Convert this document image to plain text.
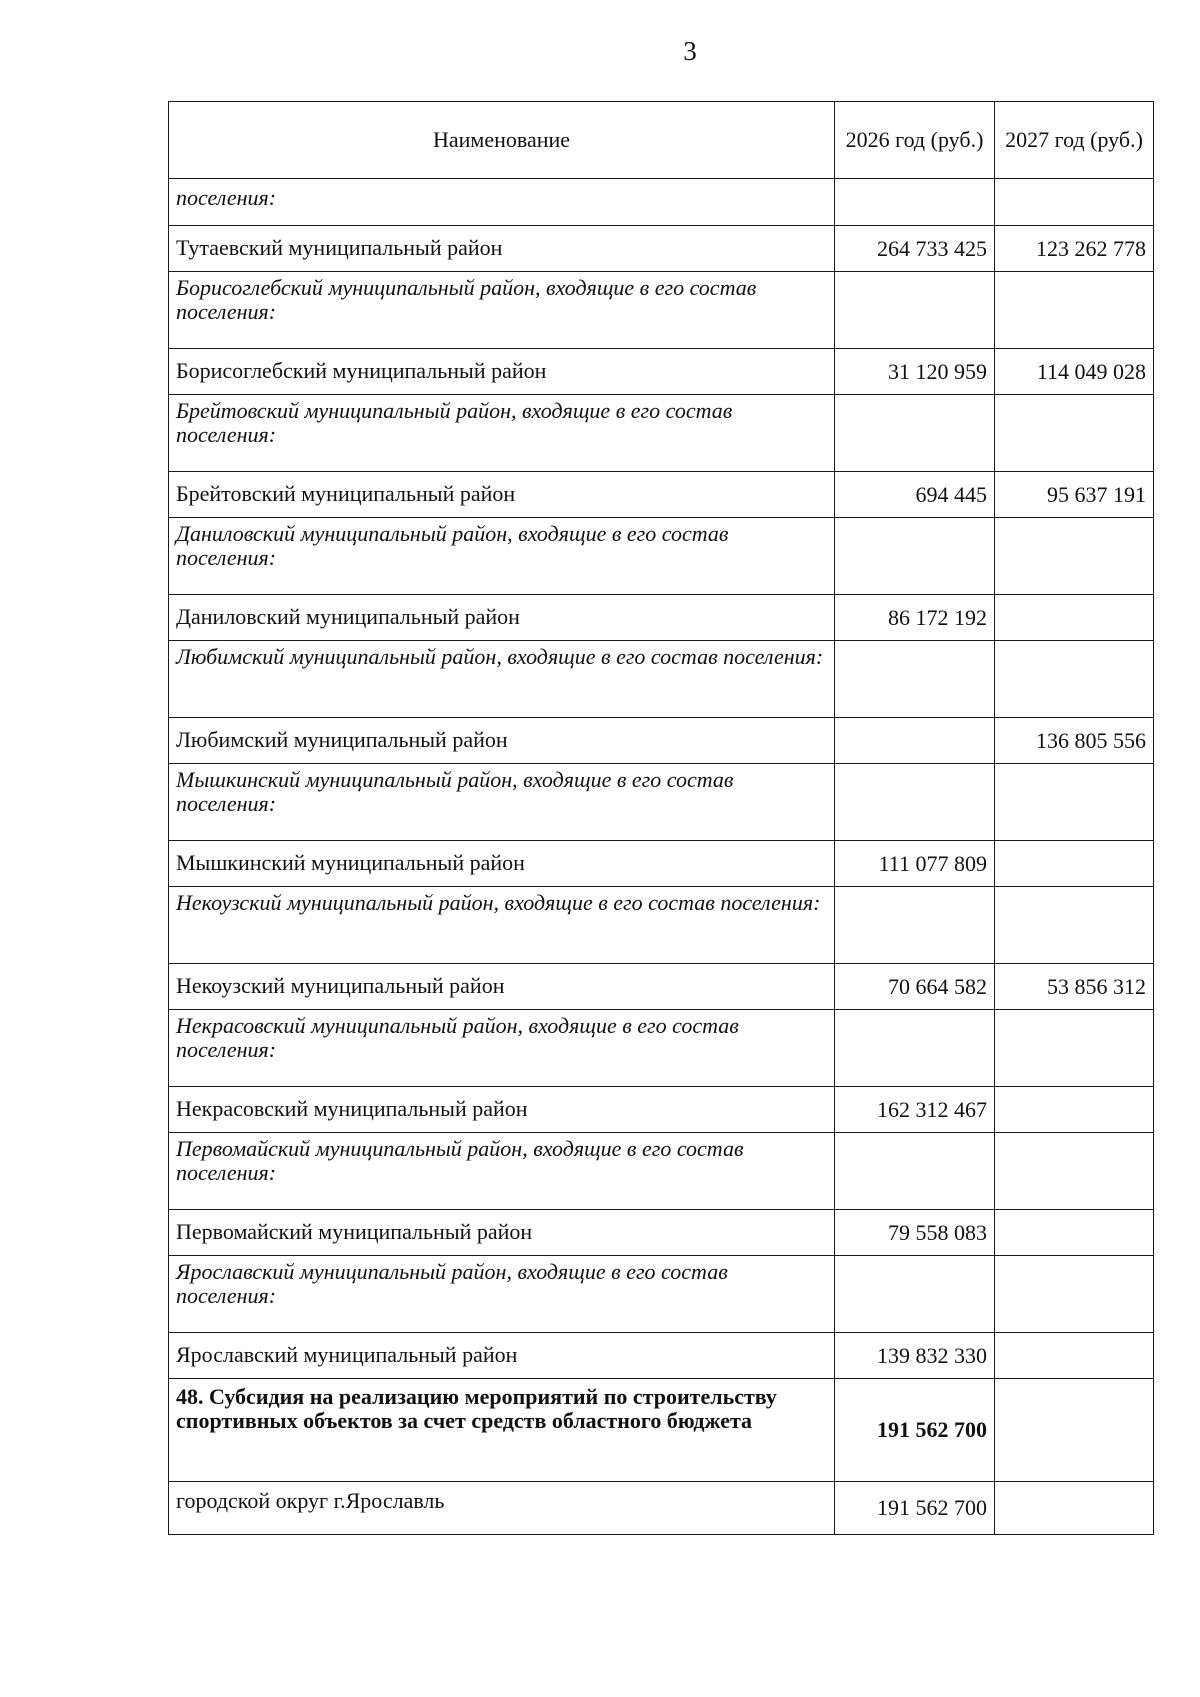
3
Наименование	2026 год (руб.)	2027 год (руб.)
поселения:		
Тутаевский муниципальный район	264 733 425	123 262 778
Борисоглебский муниципальный район, входящие в его состав поселения:		
Борисоглебский муниципальный район	31 120 959	114 049 028
Брейтовский муниципальный район, входящие в его состав поселения:		
Брейтовский муниципальный район	694 445	95 637 191
Даниловский муниципальный район, входящие в его состав поселения:		
Даниловский муниципальный район	86 172 192	
Любимский муниципальный район, входящие в его состав поселения:		
Любимский муниципальный район		136 805 556
Мышкинский муниципальный район, входящие в его состав поселения:		
Мышкинский муниципальный район	111 077 809	
Некоузский муниципальный район, входящие в его состав поселения:		
Некоузский муниципальный район	70 664 582	53 856 312
Некрасовский муниципальный район, входящие в его состав поселения:		
Некрасовский муниципальный район	162 312 467	
Первомайский муниципальный район, входящие в его состав поселения:		
Первомайский муниципальный район	79 558 083	
Ярославский муниципальный район, входящие в его состав поселения:		
Ярославский муниципальный район	139 832 330	
48. Субсидия на реализацию мероприятий по строительству спортивных объектов за счет средств областного бюджета	191 562 700	
городской округ г.Ярославль	191 562 700	
